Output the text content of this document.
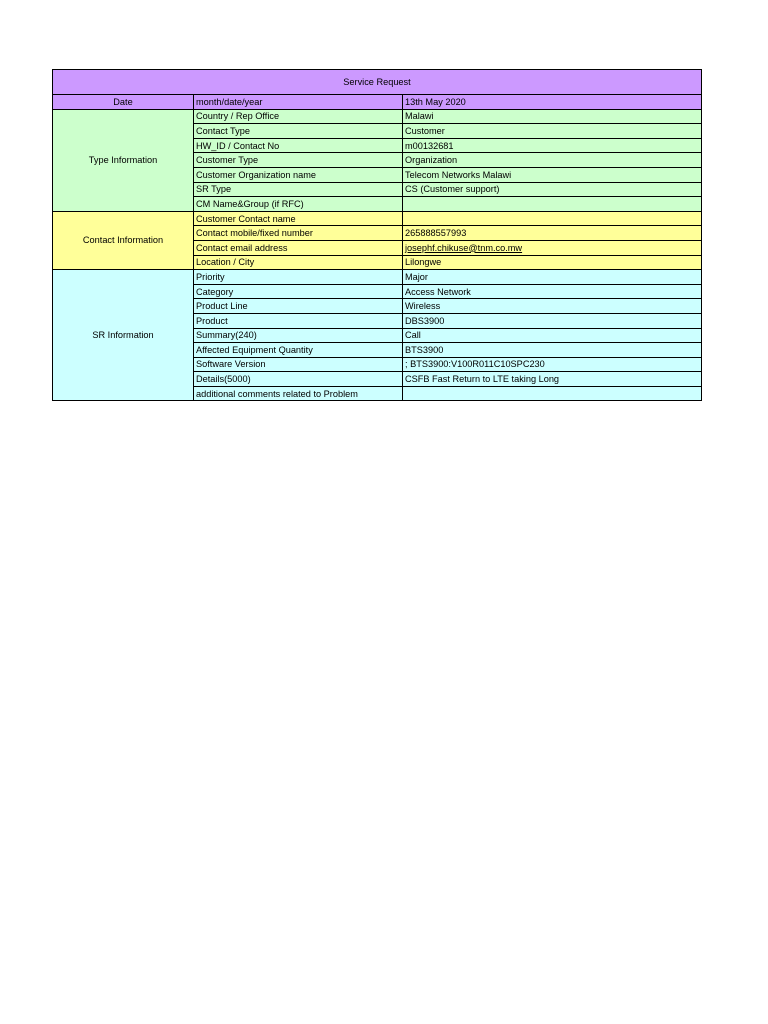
Service Request		
Date	month/date/year	13th May 2020
Type Information	Country / Rep Office	Malawi
	Contact Type	Customer
	HW_ID / Contact No	m00132681
	Customer Type	Organization
	Customer Organization name	Telecom Networks Malawi
	SR Type	CS (Customer support)
	CM Name&Group (if RFC)	
Contact Information	Customer Contact name	
	Contact mobile/fixed number	265888557993
	Contact email address	josephf.chikuse@tnm.co.mw
	Location / City	Lilongwe
SR Information	Priority	Major
	Category	Access Network
	Product Line	Wireless
	Product	DBS3900
	Summary(240)	Call
	Affected Equipment Quantity	BTS3900
	Software Version	; BTS3900:V100R011C10SPC230
	Details(5000)	CSFB Fast Return to LTE taking Long
	additional comments related to Problem	
